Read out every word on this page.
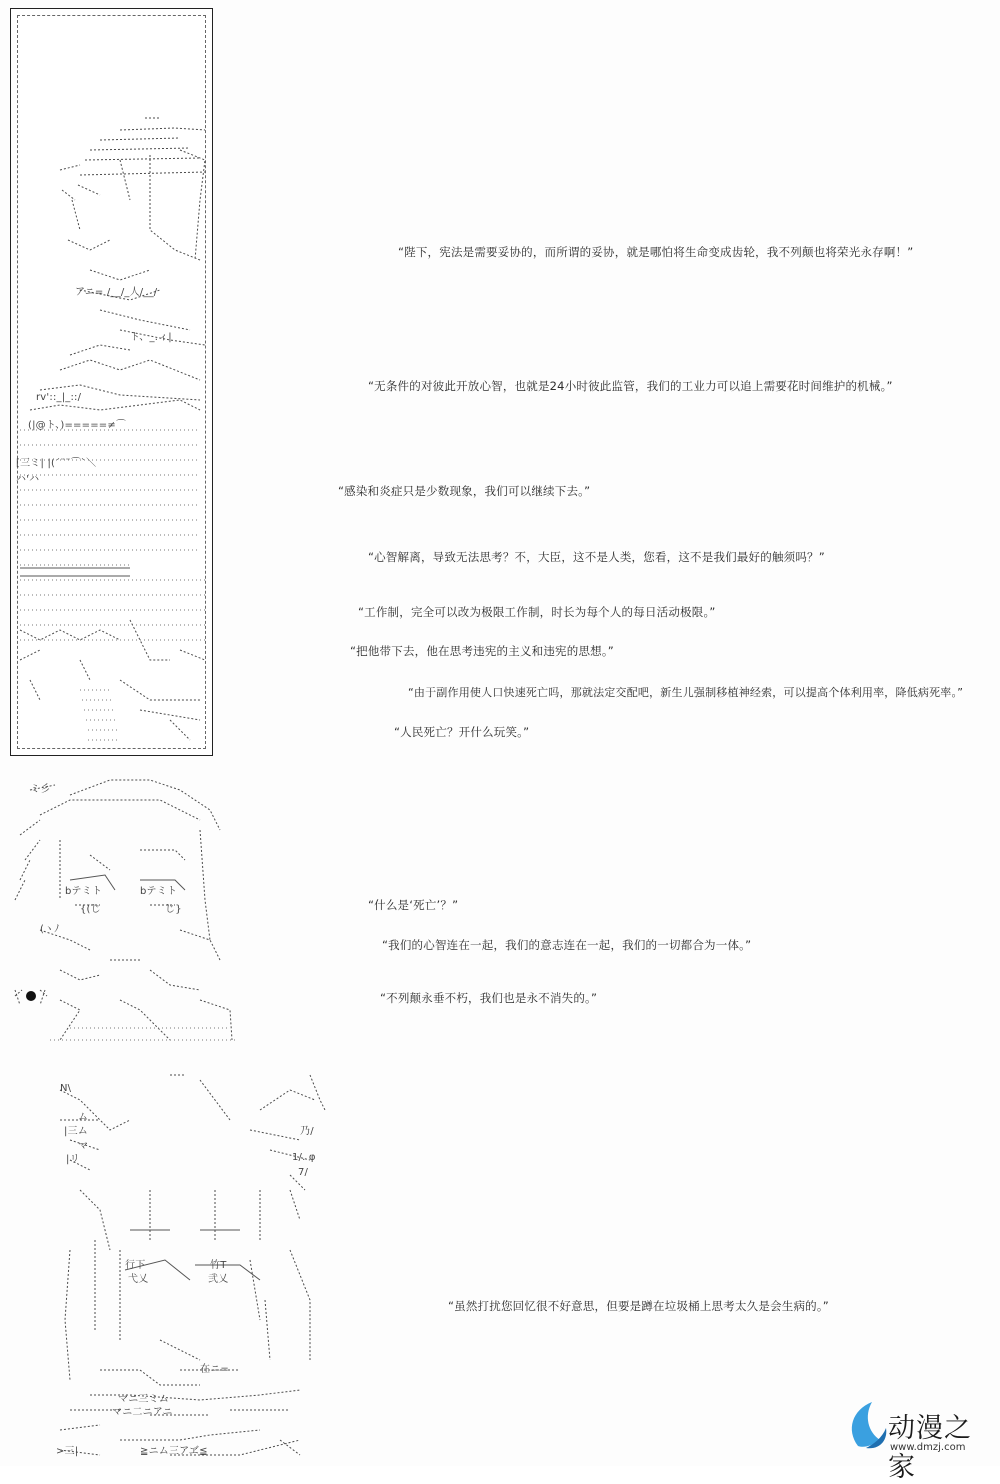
アニ= /__/_人/__/
(|@ト、)=====≠⌒
[三ミ| |(´¨¨⌒`＼
ト、_.ィ|
ハ'ハ
rv'::_|_::/
bテミト	bテミト
{(じ	じ}
(ヽﾉ
ミ彡
N\
ム
|三ム
マ
|リ
行下	竹T
弋乂	弐乂
マニ三ミム
マニ二ニアニ
≧ニム三アヹ≦
在ニ=
>三|
1/. φ
7/
乃/
“陛下，宪法是需要妥协的，而所谓的妥协，就是哪怕将生命变成齿轮，我不列颠也将荣光永存啊！”
“无条件的对彼此开放心智，也就是24小时彼此监管，我们的工业力可以追上需要花时间维护的机械。”
“感染和炎症只是少数现象，我们可以继续下去。”
“心智解离，导致无法思考？不，大臣，这不是人类，您看，这不是我们最好的触须吗？”
“工作制，完全可以改为极限工作制，时长为每个人的每日活动极限。”
“把他带下去，他在思考违宪的主义和违宪的思想。”
“由于副作用使人口快速死亡吗，那就法定交配吧，新生儿强制移植神经索，可以提高个体利用率，降低病死率。”
“人民死亡？开什么玩笑。”
“什么是‘死亡’？”
“我们的心智连在一起，我们的意志连在一起，我们的一切都合为一体。”
“不列颠永垂不朽，我们也是永不消失的。”
“虽然打扰您回忆很不好意思，但要是蹲在垃圾桶上思考太久是会生病的。”
动漫之家
www.dmzj.com
